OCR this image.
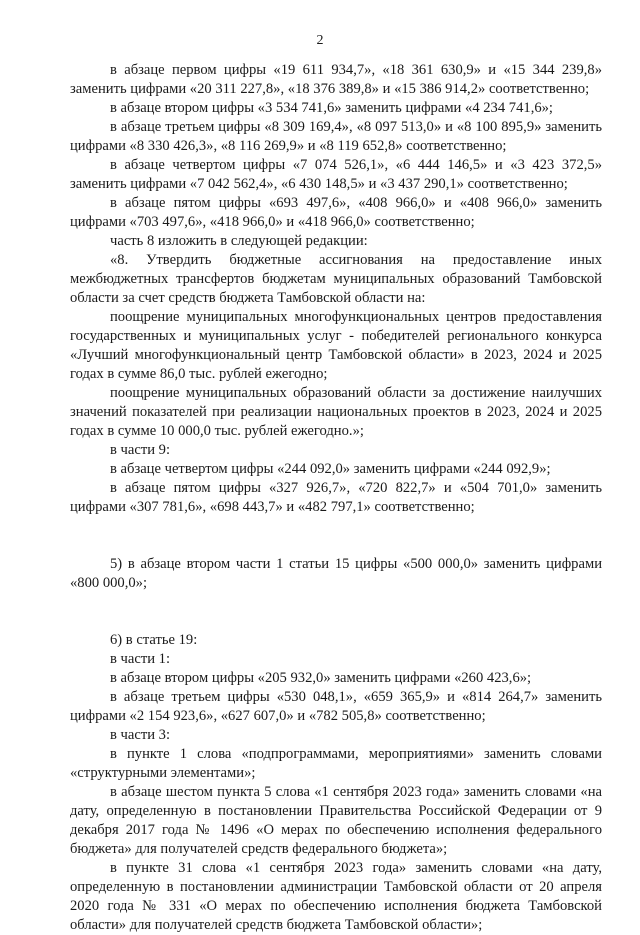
2

в абзаце первом цифры «19 611 934,7», «18 361 630,9» и «15 344 239,8» заменить цифрами «20 311 227,8», «18 376 389,8» и «15 386 914,2» соответственно;

в абзаце втором цифры «3 534 741,6» заменить цифрами «4 234 741,6»;

в абзаце третьем цифры «8 309 169,4», «8 097 513,0» и «8 100 895,9» заменить цифрами «8 330 426,3», «8 116 269,9» и «8 119 652,8» соответственно;

в абзаце четвертом цифры «7 074 526,1», «6 444 146,5» и «3 423 372,5» заменить цифрами «7 042 562,4», «6 430 148,5» и «3 437 290,1» соответственно;

в абзаце пятом цифры «693 497,6», «408 966,0» и «408 966,0» заменить цифрами «703 497,6», «418 966,0» и «418 966,0» соответственно;

часть 8 изложить в следующей редакции:

«8. Утвердить бюджетные ассигнования на предоставление иных межбюджетных трансфертов бюджетам муниципальных образований Тамбовской области за счет средств бюджета Тамбовской области на:

поощрение муниципальных многофункциональных центров предоставления государственных и муниципальных услуг - победителей регионального конкурса «Лучший многофункциональный центр Тамбовской области» в 2023, 2024 и 2025 годах в сумме 86,0 тыс. рублей ежегодно;

поощрение муниципальных образований области за достижение наилучших значений показателей при реализации национальных проектов в 2023, 2024 и 2025 годах в сумме 10 000,0 тыс. рублей ежегодно.»;

в части 9:

в абзаце четвертом цифры «244 092,0» заменить цифрами «244 092,9»;

в абзаце пятом цифры «327 926,7», «720 822,7» и «504 701,0» заменить цифрами «307 781,6», «698 443,7» и «482 797,1» соответственно;

5) в абзаце втором части 1 статьи 15 цифры «500 000,0» заменить цифрами «800 000,0»;

6) в статье 19:

в части 1:

в абзаце втором цифры «205 932,0» заменить цифрами «260 423,6»;

в абзаце третьем цифры «530 048,1», «659 365,9» и «814 264,7» заменить цифрами «2 154 923,6», «627 607,0» и «782 505,8» соответственно;

в части 3:

в пункте 1 слова «подпрограммами, мероприятиями» заменить словами «структурными элементами»;

в абзаце шестом пункта 5 слова «1 сентября 2023 года» заменить словами «на дату, определенную в постановлении Правительства Российской Федерации от 9 декабря 2017 года № 1496 «О мерах по обеспечению исполнения федерального бюджета» для получателей средств федерального бюджета»;

в пункте 31 слова «1 сентября 2023 года» заменить словами «на дату, определенную в постановлении администрации Тамбовской области от 20 апреля 2020 года № 331 «О мерах по обеспечению исполнения бюджета Тамбовской области» для получателей средств бюджета Тамбовской области»;
